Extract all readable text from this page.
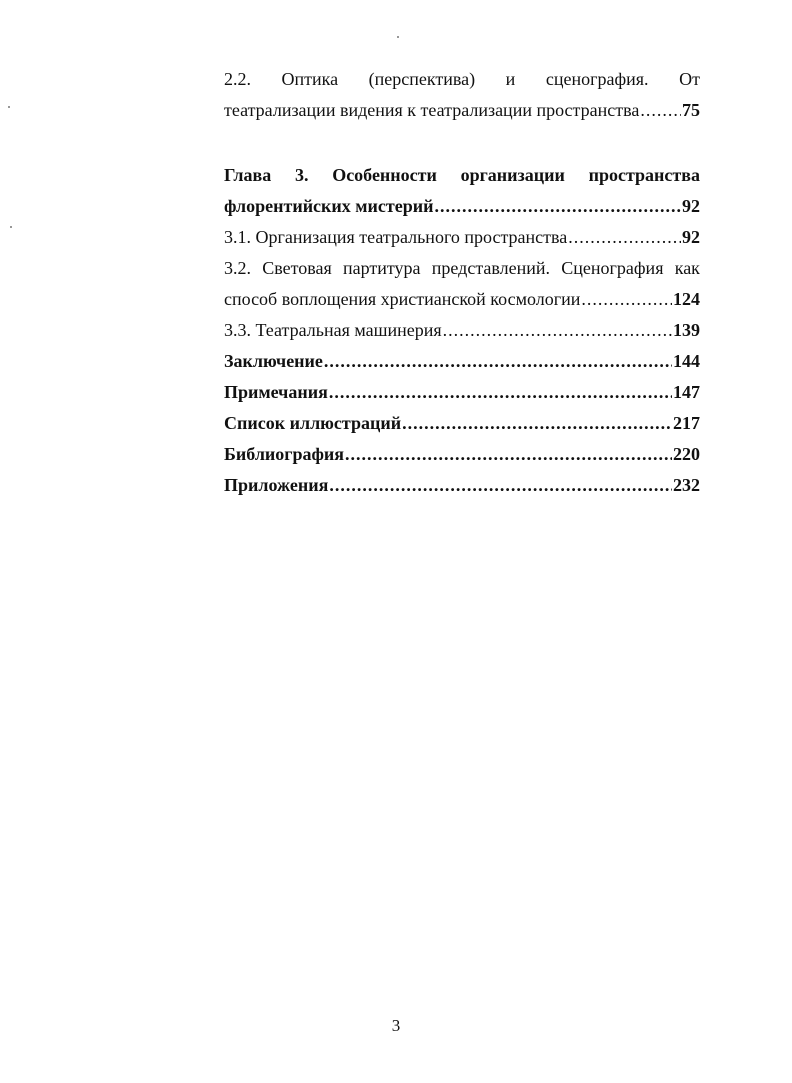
2.2. Оптика (перспектива) и сценография. От
театрализации видения к театрализации пространства ..... 75
Глава 3. Особенности организации пространства
флорентийских мистерий .....	92
3.1. Организация театрального пространства .....	92
3.2. Световая партитура представлений. Сценография как
способ воплощения христианской космологии .....	124
3.3. Театральная машинерия .....	139
Заключение .....	144
Примечания .....	147
Список иллюстраций .....	217
Библиография .....	220
Приложения .....	232
3
